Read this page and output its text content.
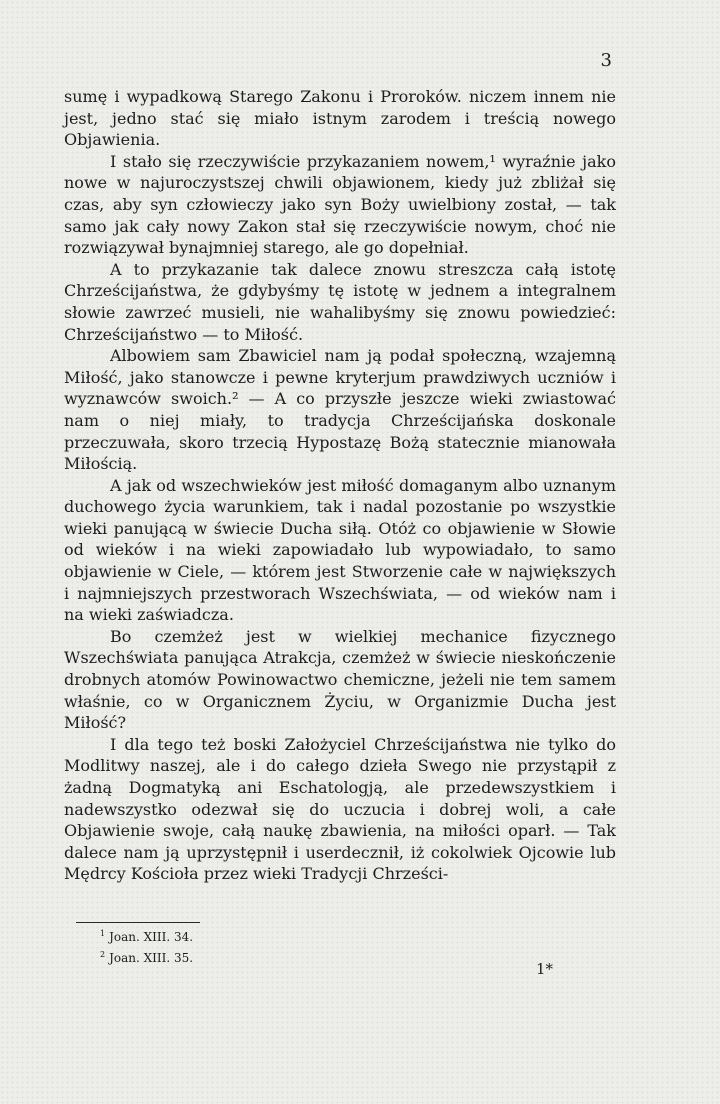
3

sumę i wypadkową Starego Zakonu i Proroków. niczem innem nie jest, jedno stać się miało istnym zarodem i treścią nowego Objawienia.

I stało się rzeczywiście przykazaniem nowem,¹ wyraźnie jako nowe w najuroczystszej chwili objawionem, kiedy już zbliżał się czas, aby syn człowieczy jako syn Boży uwielbiony został, — tak samo jak cały nowy Zakon stał się rzeczywiście nowym, choć nie rozwiązywał bynajmniej starego, ale go dopełniał.

A to przykazanie tak dalece znowu streszcza całą istotę Chrześcijaństwa, że gdybyśmy tę istotę w jednem a integralnem słowie zawrzeć musieli, nie wahalibyśmy się znowu powiedzieć: Chrześcijaństwo — to Miłość.

Albowiem sam Zbawiciel nam ją podał społeczną, wzajemną Miłość, jako stanowcze i pewne kryterjum prawdziwych uczniów i wyznawców swoich.² — A co przyszłe jeszcze wieki zwiastować nam o niej miały, to tradycja Chrześcijańska doskonale przeczuwała, skoro trzecią Hypostazę Bożą statecznie mianowała Miłością.

A jak od wszechwieków jest miłość domaganym albo uznanym duchowego życia warunkiem, tak i nadal pozostanie po wszystkie wieki panującą w świecie Ducha siłą. Otóż co objawienie w Słowie od wieków i na wieki zapowiadało lub wypowiadało, to samo objawienie w Ciele, — którem jest Stworzenie całe w największych i najmniejszych przestworach Wszechświata, — od wieków nam i na wieki zaświadcza.

Bo czemżeż jest w wielkiej mechanice fizycznego Wszechświata panująca Atrakcja, czemżeż w świecie nieskończenie drobnych atomów Powinowactwo chemiczne, jeżeli nie tem samem właśnie, co w Organicznem Życiu, w Organizmie Ducha jest Miłość?

I dla tego też boski Założyciel Chrześcijaństwa nie tylko do Modlitwy naszej, ale i do całego dzieła Swego nie przystąpił z żadną Dogmatyką ani Eschatologją, ale przedewszystkiem i nadewszystko odezwał się do uczucia i dobrej woli, a całe Objawienie swoje, całą naukę zbawienia, na miłości oparł. — Tak dalece nam ją uprzystępnił i userdecznił, iż cokolwiek Ojcowie lub Mędrcy Kościoła przez wieki Tradycji Chrześci-

$^1$ Joan. XIII. 34.
$^2$ Joan. XIII. 35.
1*
